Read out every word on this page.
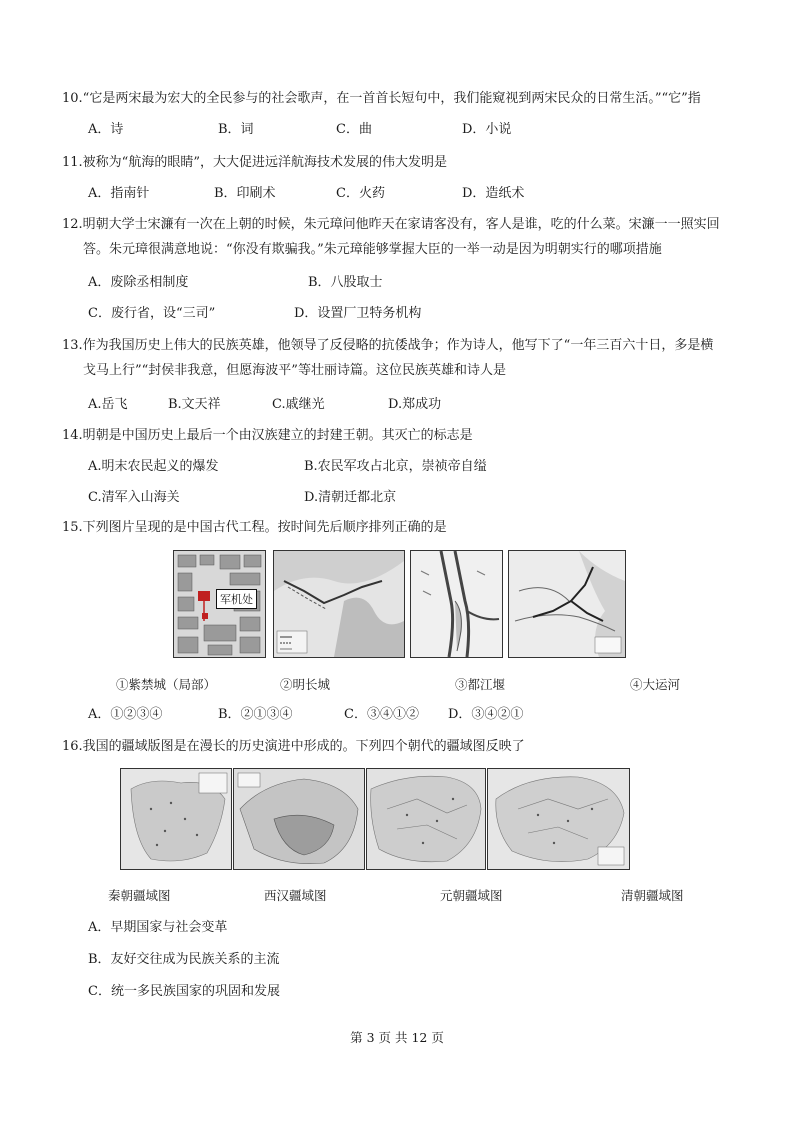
10.“它是两宋最为宏大的全民参与的社会歌声，在一首首长短句中，我们能窥视到两宋民众的日常生活。”“它”指
A．诗	B．词	C．曲	D．小说
11.被称为“航海的眼睛”，大大促进远洋航海技术发展的伟大发明是
A．指南针	B．印刷术	C．火药	D．造纸术
12.明朝大学士宋濂有一次在上朝的时候，朱元璋问他昨天在家请客没有，客人是谁，吃的什么菜。宋濂一一照实回
答。朱元璋很满意地说：“你没有欺骗我。”朱元璋能够掌握大臣的一举一动是因为明朝实行的哪项措施
A．废除丞相制度	B．八股取士
C．废行省，设“三司”	D．设置厂卫特务机构
13.作为我国历史上伟大的民族英雄，他领导了反侵略的抗倭战争；作为诗人，他写下了“一年三百六十日，多是横
戈马上行”“封侯非我意，但愿海波平”等壮丽诗篇。这位民族英雄和诗人是
A.岳飞	B.文天祥	C.戚继光	D.郑成功
14.明朝是中国历史上最后一个由汉族建立的封建王朝。其灭亡的标志是
A.明末农民起义的爆发	B.农民军攻占北京，崇祯帝自缢
C.清军入山海关	D.清朝迁都北京
15.下列图片呈现的是中国古代工程。按时间先后顺序排列正确的是
军机处
①紫禁城（局部）	②明长城	③都江堰	④大运河
A．①②③④	B．②①③④	C．③④①② D．③④②①
16.我国的疆域版图是在漫长的历史演进中形成的。下列四个朝代的疆域图反映了
秦朝疆域图	西汉疆域图	元朝疆域图	清朝疆域图
A．早期国家与社会变革
B．友好交往成为民族关系的主流
C．统一多民族国家的巩固和发展
第 3 页 共 12 页
